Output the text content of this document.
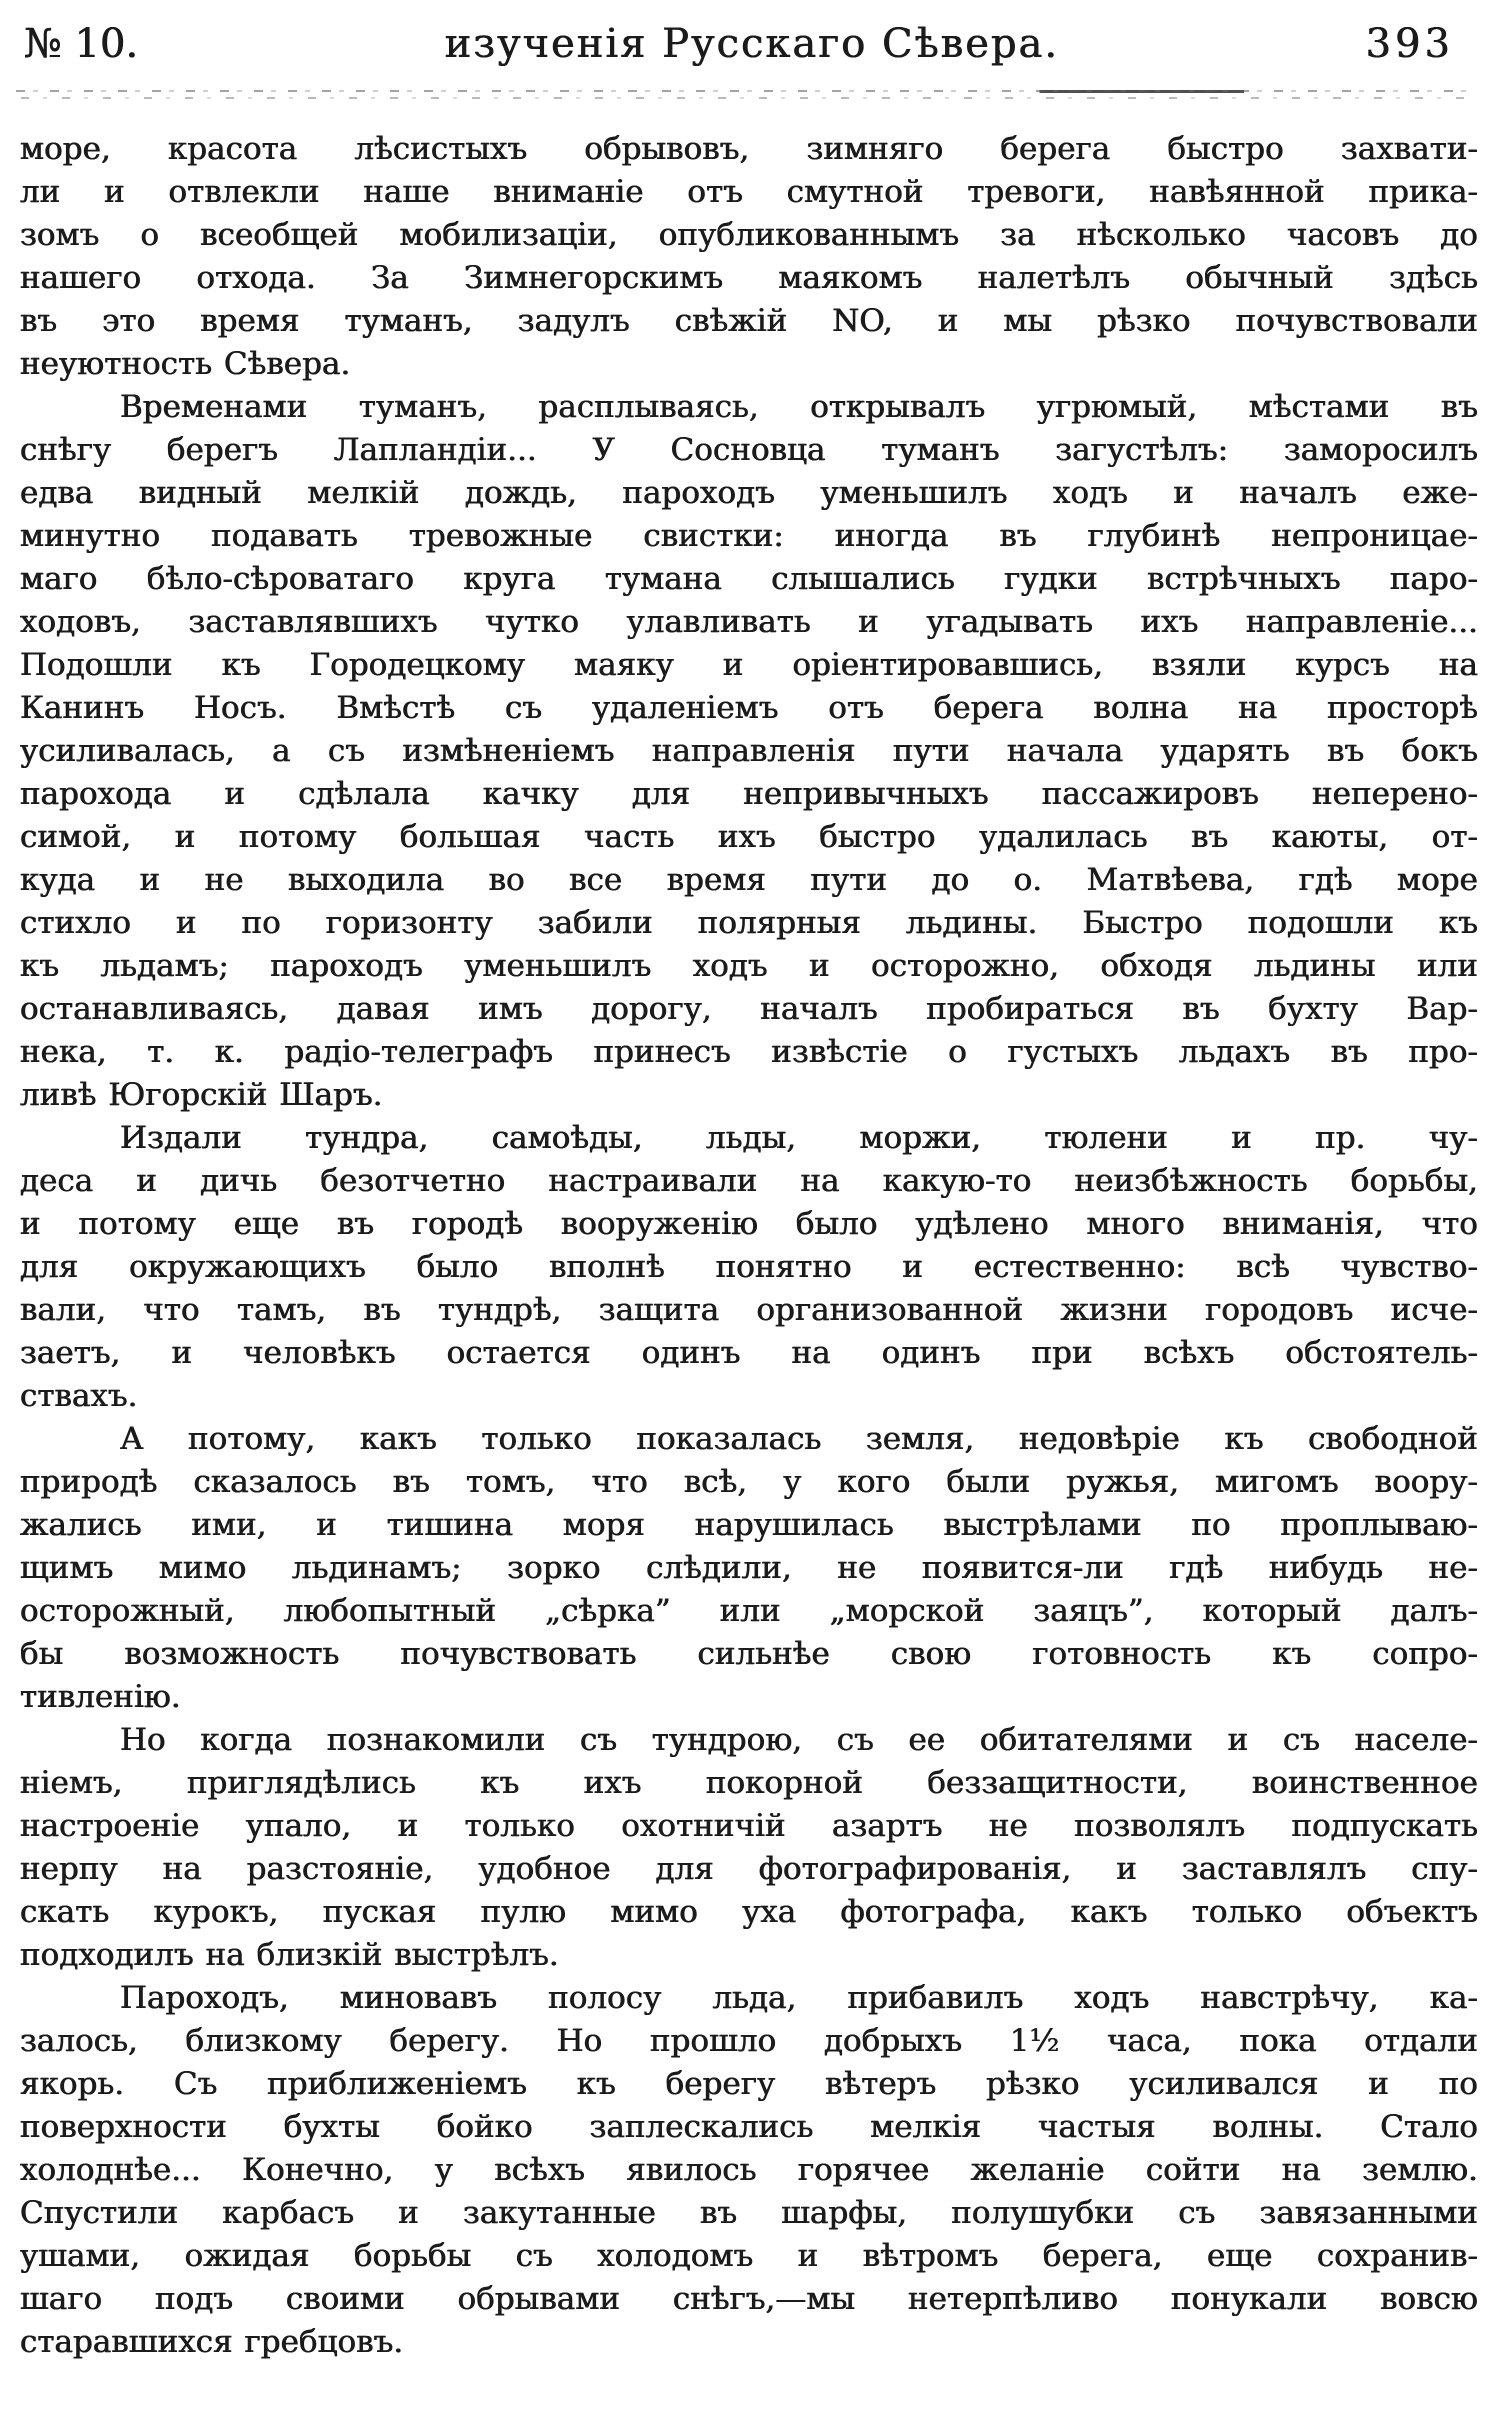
№ 10.	изученія Русскаго Сѣвера.	393
море, красота лѣсистыхъ обрывовъ, зимняго берега быстро захвати-
ли и отвлекли наше вниманіе отъ смутной тревоги, навѣянной прика-
зомъ о всеобщей мобилизаціи, опубликованнымъ за нѣсколько часовъ до
нашего отхода. За Зимнегорскимъ маякомъ налетѣлъ обычный здѣсь
въ это время туманъ, задулъ свѣжій NO, и мы рѣзко почувствовали
неуютность Сѣвера.
Временами туманъ, расплываясь, открывалъ угрюмый, мѣстами въ
снѣгу берегъ Лапландіи... У Сосновца туманъ загустѣлъ: заморосилъ
едва видный мелкій дождь, пароходъ уменьшилъ ходъ и началъ еже-
минутно подавать тревожные свистки: иногда въ глубинѣ непроницае-
маго бѣло-сѣроватаго круга тумана слышались гудки встрѣчныхъ паро-
ходовъ, заставлявшихъ чутко улавливать и угадывать ихъ направленіе...
Подошли къ Городецкому маяку и оріентировавшись, взяли курсъ на
Канинъ Носъ. Вмѣстѣ съ удаленіемъ отъ берега волна на просторѣ
усиливалась, а съ измѣненіемъ направленія пути начала ударять въ бокъ
парохода и сдѣлала качку для непривычныхъ пассажировъ неперено-
симой, и потому большая часть ихъ быстро удалилась въ каюты, от-
куда и не выходила во все время пути до о. Матвѣева, гдѣ море
стихло и по горизонту забили полярныя льдины. Быстро подошли къ
къ льдамъ; пароходъ уменьшилъ ходъ и осторожно, обходя льдины или
останавливаясь, давая имъ дорогу, началъ пробираться въ бухту Вар-
нека, т. к. радіо-телеграфъ принесъ извѣстіе о густыхъ льдахъ въ про-
ливѣ Югорскій Шаръ.
Издали тундра, самоѣды, льды, моржи, тюлени и пр. чу-
деса и дичь безотчетно настраивали на какую-то неизбѣжность борьбы,
и потому еще въ городѣ вооруженію было удѣлено много вниманія, что
для окружающихъ было вполнѣ понятно и естественно: всѣ чувство-
вали, что тамъ, въ тундрѣ, защита организованной жизни городовъ исче-
заетъ, и человѣкъ остается одинъ на одинъ при всѣхъ обстоятель-
ствахъ.
А потому, какъ только показалась земля, недовѣріе къ свободной
природѣ сказалось въ томъ, что всѣ, у кого были ружья, мигомъ воору-
жались ими, и тишина моря нарушилась выстрѣлами по проплываю-
щимъ мимо льдинамъ; зорко слѣдили, не появится-ли гдѣ нибудь не-
осторожный, любопытный „сѣрка” или „морской заяцъ”, который далъ-
бы возможность почувствовать сильнѣе свою готовность къ сопро-
тивленію.
Но когда познакомили съ тундрою, съ ее обитателями и съ населе-
ніемъ, приглядѣлись къ ихъ покорной беззащитности, воинственное
настроеніе упало, и только охотничій азартъ не позволялъ подпускать
нерпу на разстояніе, удобное для фотографированія, и заставлялъ спу-
скать курокъ, пуская пулю мимо уха фотографа, какъ только объектъ
подходилъ на близкій выстрѣлъ.
Пароходъ, миновавъ полосу льда, прибавилъ ходъ навстрѣчу, ка-
залось, близкому берегу. Но прошло добрыхъ 1½ часа, пока отдали
якорь. Съ приближеніемъ къ берегу вѣтеръ рѣзко усиливался и по
поверхности бухты бойко заплескались мелкія частыя волны. Стало
холоднѣе... Конечно, у всѣхъ явилось горячее желаніе сойти на землю.
Спустили карбасъ и закутанные въ шарфы, полушубки съ завязанными
ушами, ожидая борьбы съ холодомъ и вѣтромъ берега, еще сохранив-
шаго подъ своими обрывами снѣгъ,—мы нетерпѣливо понукали вовсю
старавшихся гребцовъ.
